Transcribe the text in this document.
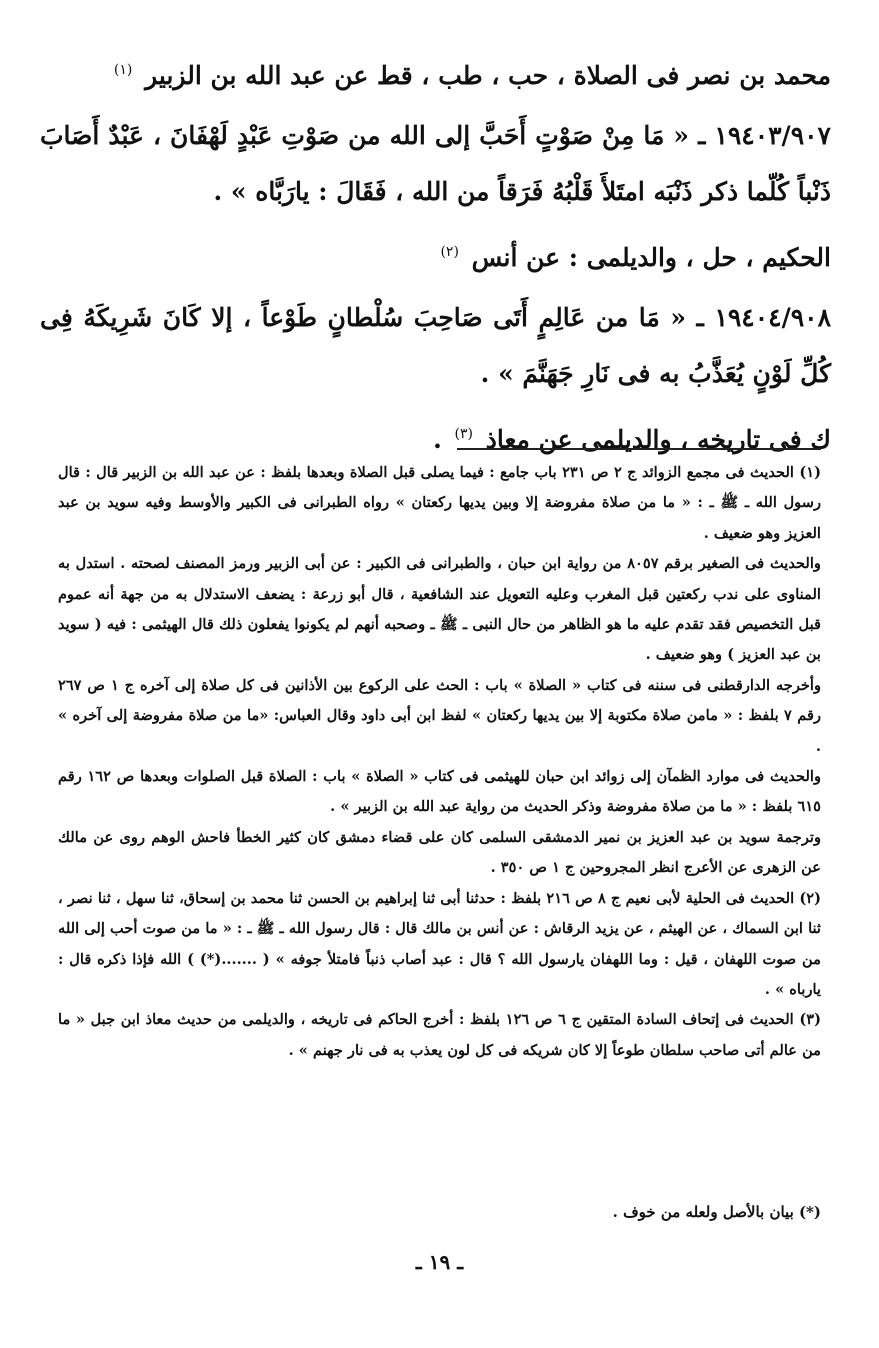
محمد بن نصر فى الصلاة ، حب ، طب ، قط عن عبد الله بن الزبير $^{(١)}$

١٩٤٠٣/٩٠٧ ـ « مَا مِنْ صَوْتٍ أَحَبَّ إلى الله من صَوْتِ عَبْدٍ لَهْفَانَ ، عَبْدٌ أَصَابَ ذَنْباً كُلّما ذكر ذَنْبَه امتَلأَ قَلْبُهُ فَرَقاً من الله ، فَقَالَ : يارَبَّاه » .

الحكيم ، حل ، والديلمى : عن أنس $^{(٢)}$

١٩٤٠٤/٩٠٨ ـ « مَا من عَالِمٍ أَتَى صَاحِبَ سُلْطانٍ طَوْعاً ، إلا كَانَ شَرِيكَهُ فِى كُلِّ لَوْنٍ يُعَذَّبُ به فى نَارِ جَهَنَّمَ » .

ك فى تاريخه ، والديلمى عن معاذ $^{(٣)}$ .

(١) الحديث فى مجمع الزوائد ج ٢ ص ٢٣١ باب جامع : فيما يصلى قبل الصلاة وبعدها بلفظ : عن عبد الله بن الزبير قال : قال رسول الله ـ ﷺ ـ : « ما من صلاة مفروضة إلا وبين يديها ركعتان » رواه الطبرانى فى الكبير والأوسط وفيه سويد بن عبد العزيز وهو ضعيف .

والحديث فى الصغير برقم ٨٠٥٧ من رواية ابن حبان ، والطبرانى فى الكبير : عن أبى الزبير ورمز المصنف لصحته . استدل به المناوى على ندب ركعتين قبل المغرب وعليه التعويل عند الشافعية ، قال أبو زرعة : يضعف الاستدلال به من جهة أنه عموم قبل التخصيص فقد تقدم عليه ما هو الظاهر من حال النبى ـ ﷺ ـ وصحبه أنهم لم يكونوا يفعلون ذلك قال الهيثمى : فيه ( سويد بن عبد العزيز ) وهو ضعيف .

وأخرجه الدارقطنى فى سننه فى كتاب « الصلاة » باب : الحث على الركوع بين الأذانين فى كل صلاة إلى آخره ج ١ ص ٢٦٧ رقم ٧ بلفظ : « مامن صلاة مكتوبة إلا بين يديها ركعتان » لفظ ابن أبى داود وقال العباس: «ما من صلاة مفروضة إلى آخره » .

والحديث فى موارد الظمآن إلى زوائد ابن حبان للهيثمى فى كتاب « الصلاة » باب : الصلاة قبل الصلوات وبعدها ص ١٦٢ رقم ٦١٥ بلفظ : « ما من صلاة مفروضة وذكر الحديث من رواية عبد الله بن الزبير » .

وترجمة سويد بن عبد العزيز بن نمير الدمشقى السلمى كان على قضاء دمشق كان كثير الخطأ فاحش الوهم روى عن مالك عن الزهرى عن الأعرج انظر المجروحين ج ١ ص ٣٥٠ .

(٢) الحديث فى الحلية لأبى نعيم ج ٨ ص ٢١٦ بلفظ : حدثنا أبى ثنا إبراهيم بن الحسن ثنا محمد بن إسحاق، ثنا سهل ، ثنا نصر ، ثنا ابن السماك ، عن الهيثم ، عن يزيد الرقاش : عن أنس بن مالك قال : قال رسول الله ـ ﷺ ـ : « ما من صوت أحب إلى الله من صوت اللهفان ، قيل : وما اللهفان يارسول الله ؟ قال : عبد أصاب ذنباً فامتلأ جوفه » ( .......(*) ) الله فإذا ذكره قال : يارباه » .

(٣) الحديث فى إتحاف السادة المتقين ج ٦ ص ١٢٦ بلفظ : أخرج الحاكم فى تاريخه ، والديلمى من حديث معاذ ابن جبل « ما من عالم أتى صاحب سلطان طوعاً إلا كان شريكه فى كل لون يعذب به فى نار جهنم » .

(*) بيان بالأصل ولعله من خوف .
ـ ١٩ ـ
